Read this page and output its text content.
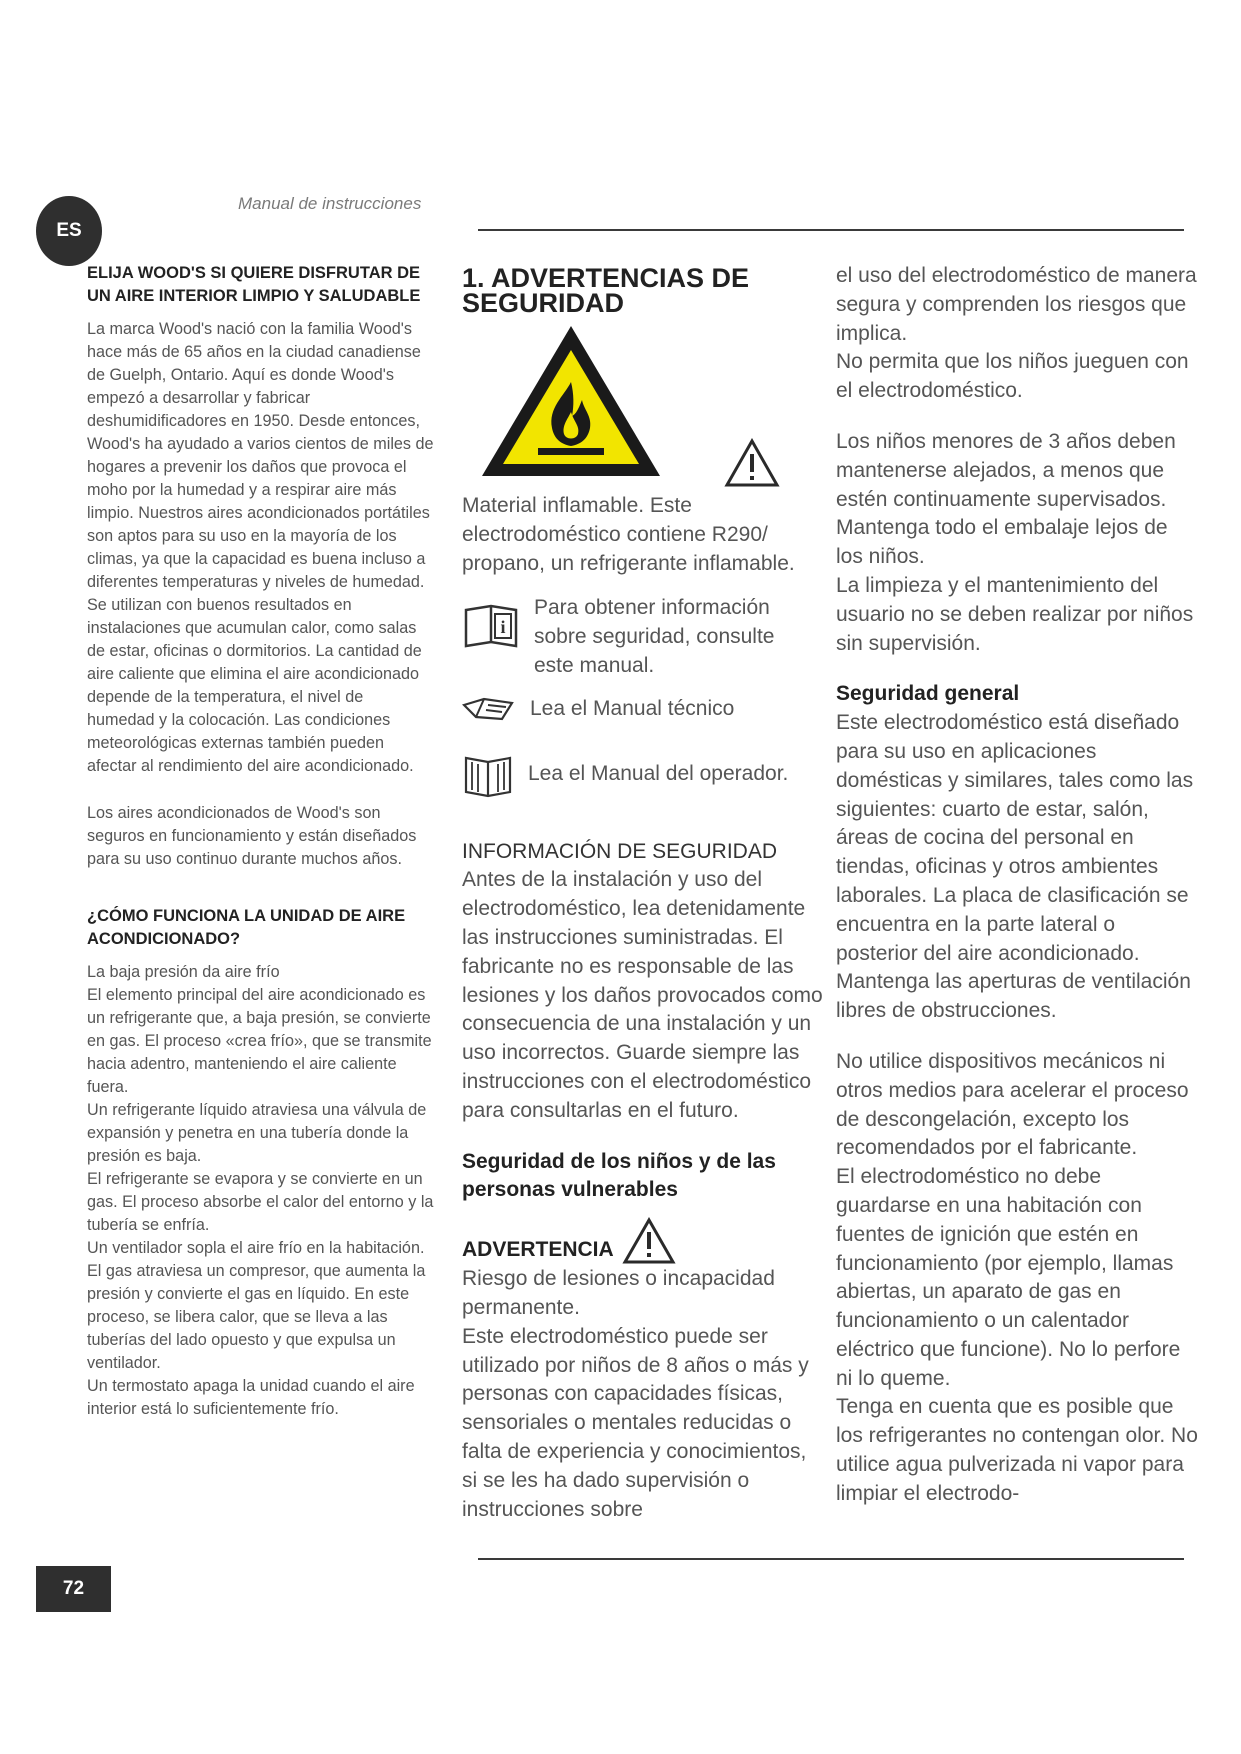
ES
Manual de instrucciones
ELIJA WOOD'S SI QUIERE DISFRUTAR DE UN AIRE INTERIOR LIMPIO Y SALUDABLE

La marca Wood's nació con la familia Wood's hace más de 65 años en la ciudad canadiense de Guelph, Ontario. Aquí es donde Wood's empezó a desarrollar y fabricar deshumidificadores en 1950. Desde entonces, Wood's ha ayudado a varios cientos de miles de hogares a prevenir los daños que provoca el moho por la humedad y a respirar aire más limpio. Nuestros aires acondicionados portátiles son aptos para su uso en la mayoría de los climas, ya que la capacidad es buena incluso a diferentes temperaturas y niveles de humedad. Se utilizan con buenos resultados en instalaciones que acumulan calor, como salas de estar, oficinas o dormitorios. La cantidad de aire caliente que elimina el aire acondicionado depende de la temperatura, el nivel de humedad y la colocación. Las condiciones meteorológicas externas también pueden afectar al rendimiento del aire acondicionado.

Los aires acondicionados de Wood's son seguros en funcionamiento y están diseñados para su uso continuo durante muchos años.

¿CÓMO FUNCIONA LA UNIDAD DE AIRE ACONDICIONADO?

La baja presión da aire frío

El elemento principal del aire acondicionado es un refrigerante que, a baja presión, se convierte en gas. El proceso «crea frío», que se transmite hacia adentro, manteniendo el aire caliente fuera.

Un refrigerante líquido atraviesa una válvula de expansión y penetra en una tubería donde la presión es baja.

El refrigerante se evapora y se convierte en un gas. El proceso absorbe el calor del entorno y la tubería se enfría.

Un ventilador sopla el aire frío en la habitación.

El gas atraviesa un compresor, que aumenta la presión y convierte el gas en líquido. En este proceso, se libera calor, que se lleva a las tuberías del lado opuesto y que expulsa un ventilador.

Un termostato apaga la unidad cuando el aire interior está lo suficientemente frío.

1. ADVERTENCIAS DE SEGURIDAD

Material inflamable. Este electrodoméstico contiene R290/ propano, un refrigerante inflamable.

i

Para obtener información sobre seguridad, consulte este manual.

Lea el Manual técnico

Lea el Manual del operador.

INFORMACIÓN DE SEGURIDAD

Antes de la instalación y uso del electrodoméstico, lea detenidamente las instrucciones suministradas. El fabricante no es responsable de las lesiones y los daños provocados como consecuencia de una instalación y un uso incorrectos. Guarde siempre las instrucciones con el electrodoméstico para consultarlas en el futuro.

Seguridad de los niños y de las personas vulnerables
ADVERTENCIA

Riesgo de lesiones o incapacidad permanente.

Este electrodoméstico puede ser utilizado por niños de 8 años o más y personas con capacidades físicas, sensoriales o mentales reducidas o falta de experiencia y conocimientos, si se les ha dado supervisión o instrucciones sobre

el uso del electrodoméstico de manera segura y comprenden los riesgos que implica.

No permita que los niños jueguen con el electrodoméstico.

Los niños menores de 3 años deben mantenerse alejados, a menos que estén continuamente supervisados. Mantenga todo el embalaje lejos de los niños.

La limpieza y el mantenimiento del usuario no se deben realizar por niños sin supervisión.

Seguridad general

Este electrodoméstico está diseñado para su uso en aplicaciones domésticas y similares, tales como las siguientes: cuarto de estar, salón, áreas de cocina del personal en tiendas, oficinas y otros ambientes laborales. La placa de clasificación se encuentra en la parte lateral o posterior del aire acondicionado.

Mantenga las aperturas de ventilación libres de obstrucciones.

No utilice dispositivos mecánicos ni otros medios para acelerar el proceso de descongelación, excepto los recomendados por el fabricante.

El electrodoméstico no debe guardarse en una habitación con fuentes de ignición que estén en funcionamiento (por ejemplo, llamas abiertas, un aparato de gas en funcionamiento o un calentador eléctrico que funcione). No lo perfore ni lo queme.

Tenga en cuenta que es posible que los refrigerantes no contengan olor. No utilice agua pulverizada ni vapor para limpiar el electrodo-

72
